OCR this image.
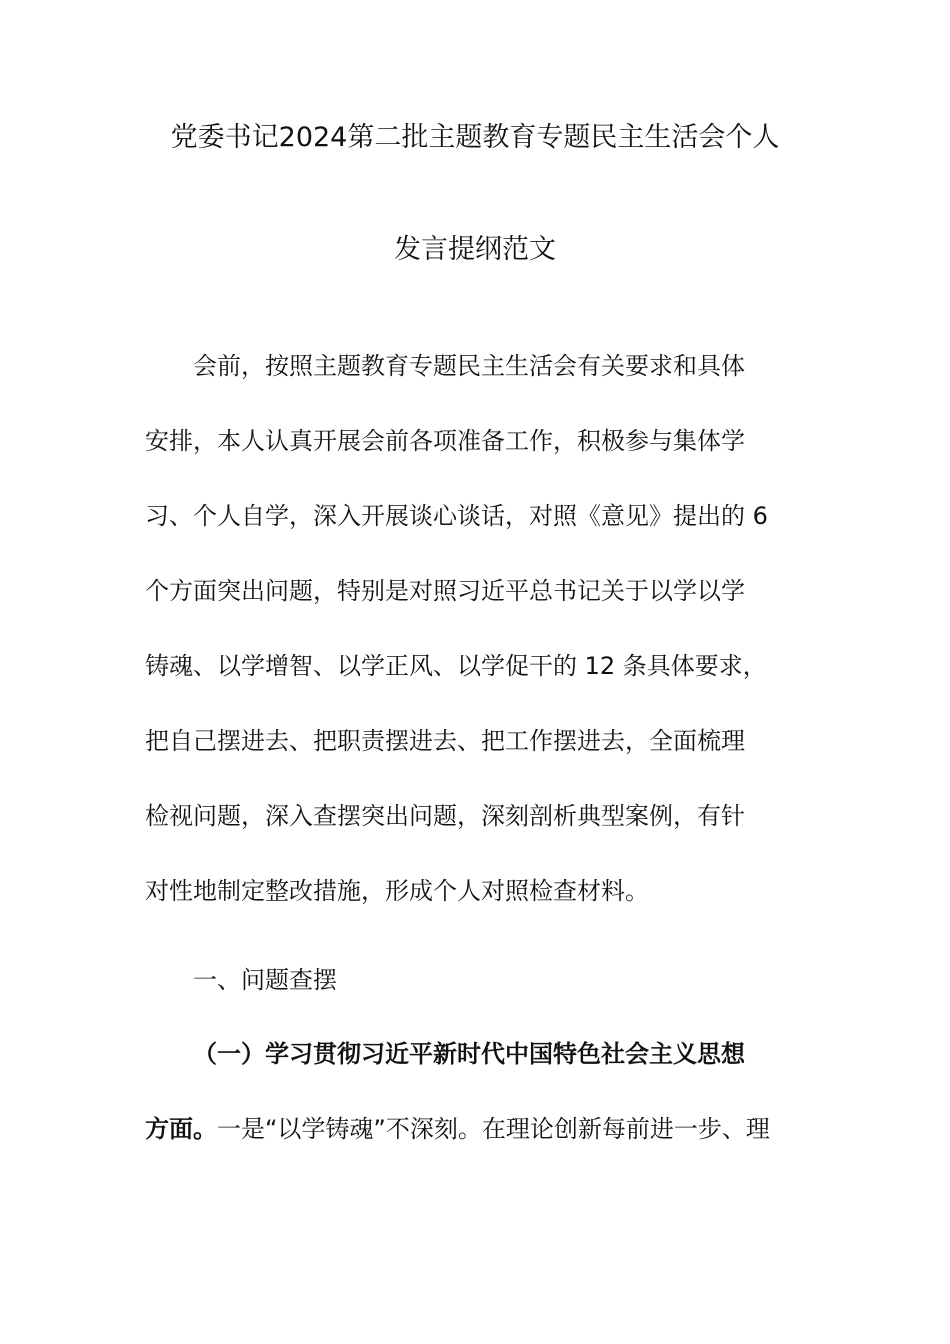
党委书记2024第二批主题教育专题民主生活会个人
发言提纲范文
会前，按照主题教育专题民主生活会有关要求和具体
安排，本人认真开展会前各项准备工作，积极参与集体学
习、个人自学，深入开展谈心谈话，对照《意见》提出的 6
个方面突出问题，特别是对照习近平总书记关于以学以学
铸魂、以学增智、以学正风、以学促干的 12 条具体要求，
把自己摆进去、把职责摆进去、把工作摆进去，全面梳理
检视问题，深入查摆突出问题，深刻剖析典型案例，有针
对性地制定整改措施，形成个人对照检查材料。
一、问题查摆
（一）学习贯彻习近平新时代中国特色社会主义思想
方面。一是“以学铸魂”不深刻。在理论创新每前进一步、理
